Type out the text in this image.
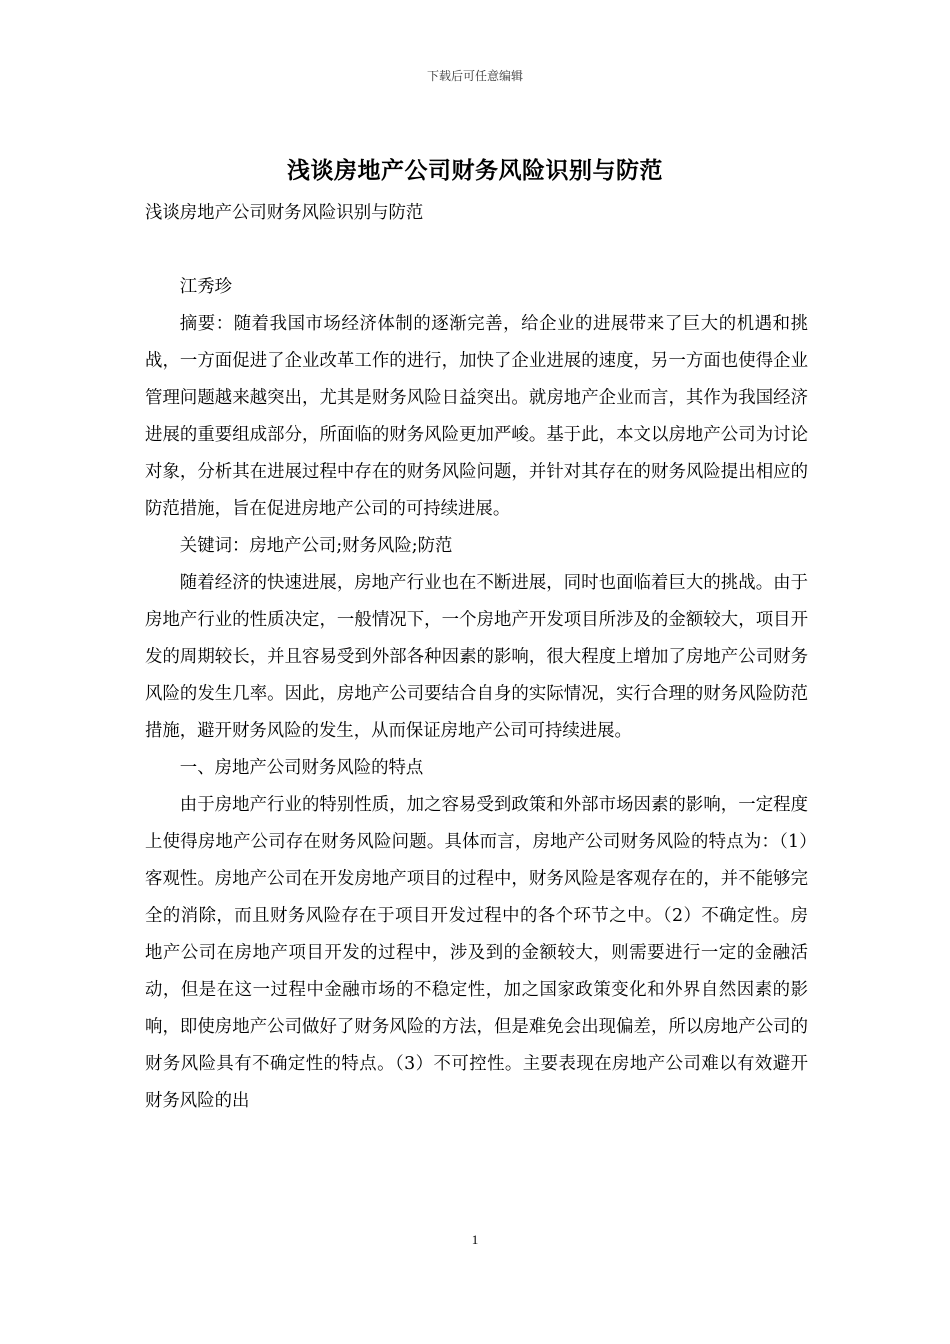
下载后可任意编辑
浅谈房地产公司财务风险识别与防范

浅谈房地产公司财务风险识别与防范

江秀珍

摘要：随着我国市场经济体制的逐渐完善，给企业的进展带来了巨大的机遇和挑战，一方面促进了企业改革工作的进行，加快了企业进展的速度，另一方面也使得企业管理问题越来越突出，尤其是财务风险日益突出。就房地产企业而言，其作为我国经济进展的重要组成部分，所面临的财务风险更加严峻。基于此，本文以房地产公司为讨论对象，分析其在进展过程中存在的财务风险问题，并针对其存在的财务风险提出相应的防范措施，旨在促进房地产公司的可持续进展。

关键词：房地产公司;财务风险;防范

随着经济的快速进展，房地产行业也在不断进展，同时也面临着巨大的挑战。由于房地产行业的性质决定，一般情况下，一个房地产开发项目所涉及的金额较大，项目开发的周期较长，并且容易受到外部各种因素的影响，很大程度上增加了房地产公司财务风险的发生几率。因此，房地产公司要结合自身的实际情况，实行合理的财务风险防范措施，避开财务风险的发生，从而保证房地产公司可持续进展。

一、房地产公司财务风险的特点

由于房地产行业的特别性质，加之容易受到政策和外部市场因素的影响，一定程度上使得房地产公司存在财务风险问题。具体而言，房地产公司财务风险的特点为：（1）客观性。房地产公司在开发房地产项目的过程中，财务风险是客观存在的，并不能够完全的消除，而且财务风险存在于项目开发过程中的各个环节之中。（2）不确定性。房地产公司在房地产项目开发的过程中，涉及到的金额较大，则需要进行一定的金融活动，但是在这一过程中金融市场的不稳定性，加之国家政策变化和外界自然因素的影响，即使房地产公司做好了财务风险的方法，但是难免会出现偏差，所以房地产公司的财务风险具有不确定性的特点。（3）不可控性。主要表现在房地产公司难以有效避开财务风险的出

1
